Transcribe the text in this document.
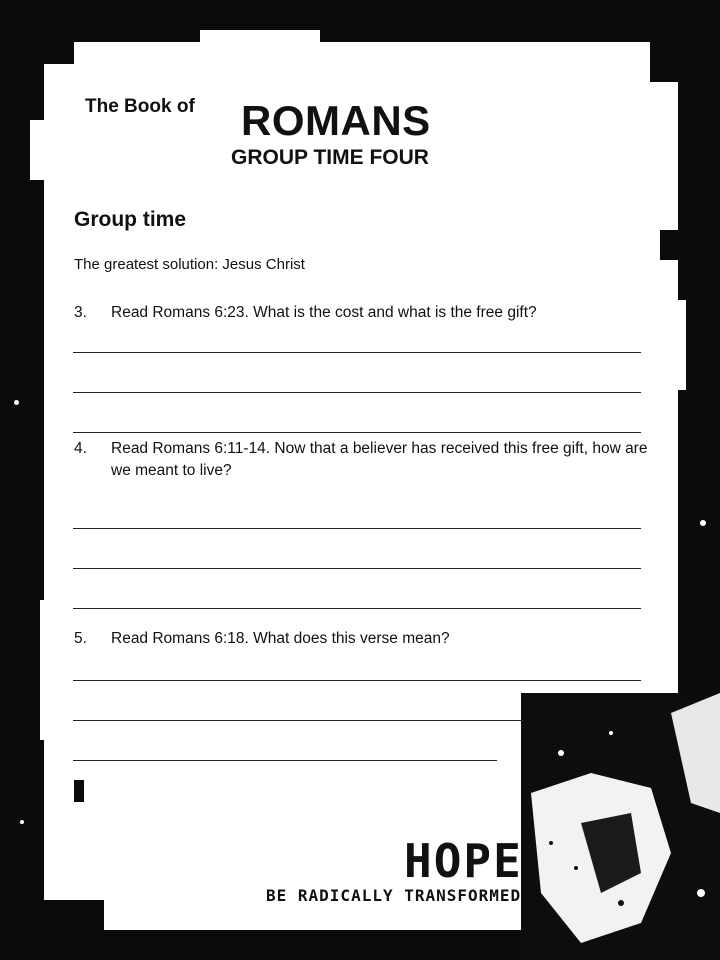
The Book of ROMANS
GROUP TIME FOUR
Group time
The greatest solution: Jesus Christ
3.	Read Romans 6:23. What is the cost and what is the free gift?
4.	Read Romans 6:11-14. Now that a believer has received this free gift, how are we meant to live?
5.	Read Romans 6:18. What does this verse mean?
HOPE
BE RADICALLY TRANSFORMED
